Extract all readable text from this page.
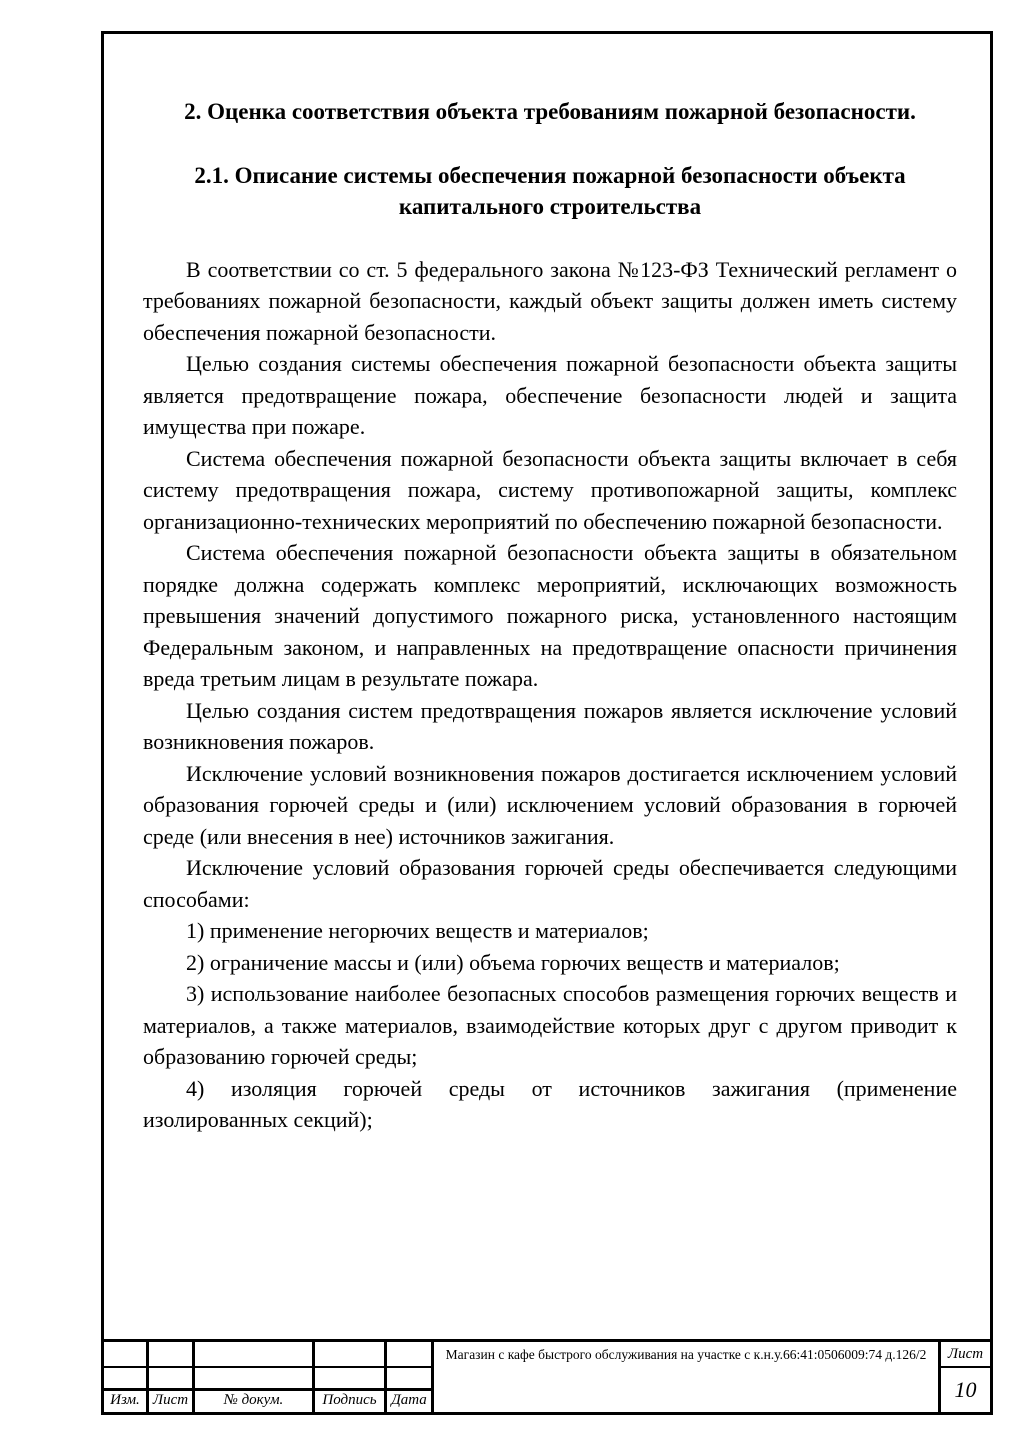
2. Оценка соответствия объекта требованиям пожарной безопасности.
2.1. Описание системы обеспечения пожарной безопасности объекта
капитального строительства

В соответствии со ст. 5 федерального закона №123-ФЗ Технический регламент о требованиях пожарной безопасности, каждый объект защиты должен иметь систему обеспечения пожарной безопасности.

Целью создания системы обеспечения пожарной безопасности объекта защиты является предотвращение пожара, обеспечение безопасности людей и защита имущества при пожаре.

Система обеспечения пожарной безопасности объекта защиты включает в себя систему предотвращения пожара, систему противопожарной защиты, комплекс организационно-технических мероприятий по обеспечению пожарной безопасности.

Система обеспечения пожарной безопасности объекта защиты в обязательном порядке должна содержать комплекс мероприятий, исключающих возможность превышения значений допустимого пожарного риска, установленного настоящим Федеральным законом, и направленных на предотвращение опасности причинения вреда третьим лицам в результате пожара.

Целью создания систем предотвращения пожаров является исключение условий возникновения пожаров.

Исключение условий возникновения пожаров достигается исключением условий образования горючей среды и (или) исключением условий образования в горючей среде (или внесения в нее) источников зажигания.

Исключение условий образования горючей среды обеспечивается следующими способами:

1) применение негорючих веществ и материалов;

2) ограничение массы и (или) объема горючих веществ и материалов;

3) использование наиболее безопасных способов размещения горючих веществ и материалов, а также материалов, взаимодействие которых друг с другом приводит к образованию горючей среды;

4) изоляция горючей среды от источников зажигания (применение изолированных секций);

Изм. Лист	№ докум.	Подпись Дата
Магазин с кафе быстрого обслуживания на участке с к.н.у.66:41:0506009:74 д.126/2	Лист
10
